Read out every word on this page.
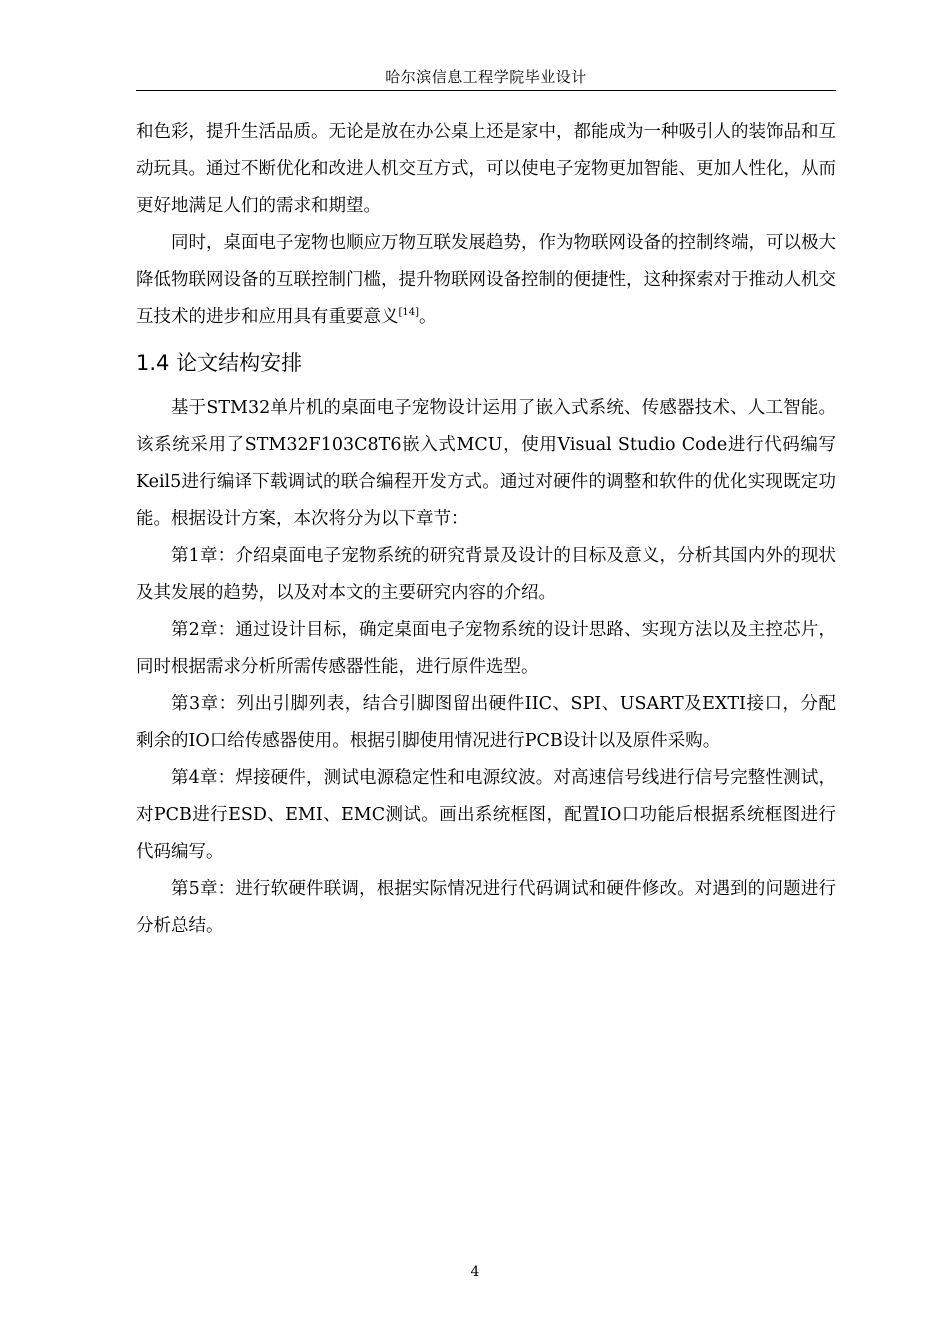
哈尔滨信息工程学院毕业设计

和色彩，提升生活品质。无论是放在办公桌上还是家中，都能成为一种吸引人的装饰品和互动玩具。通过不断优化和改进人机交互方式，可以使电子宠物更加智能、更加人性化，从而更好地满足人们的需求和期望。

同时，桌面电子宠物也顺应万物互联发展趋势，作为物联网设备的控制终端，可以极大降低物联网设备的互联控制门槛，提升物联网设备控制的便捷性，这种探索对于推动人机交互技术的进步和应用具有重要意义[14]。

1.4 论文结构安排

基于STM32单片机的桌面电子宠物设计运用了嵌入式系统、传感器技术、人工智能。该系统采用了STM32F103C8T6嵌入式MCU，使用Visual Studio Code进行代码编写Keil5进行编译下载调试的联合编程开发方式。通过对硬件的调整和软件的优化实现既定功能。根据设计方案，本次将分为以下章节：

第1章：介绍桌面电子宠物系统的研究背景及设计的目标及意义，分析其国内外的现状及其发展的趋势，以及对本文的主要研究内容的介绍。

第2章：通过设计目标，确定桌面电子宠物系统的设计思路、实现方法以及主控芯片，同时根据需求分析所需传感器性能，进行原件选型。

第3章：列出引脚列表，结合引脚图留出硬件IIC、SPI、USART及EXTI接口，分配剩余的IO口给传感器使用。根据引脚使用情况进行PCB设计以及原件采购。

第4章：焊接硬件，测试电源稳定性和电源纹波。对高速信号线进行信号完整性测试，对PCB进行ESD、EMI、EMC测试。画出系统框图，配置IO口功能后根据系统框图进行代码编写。

第5章：进行软硬件联调，根据实际情况进行代码调试和硬件修改。对遇到的问题进行分析总结。

4
